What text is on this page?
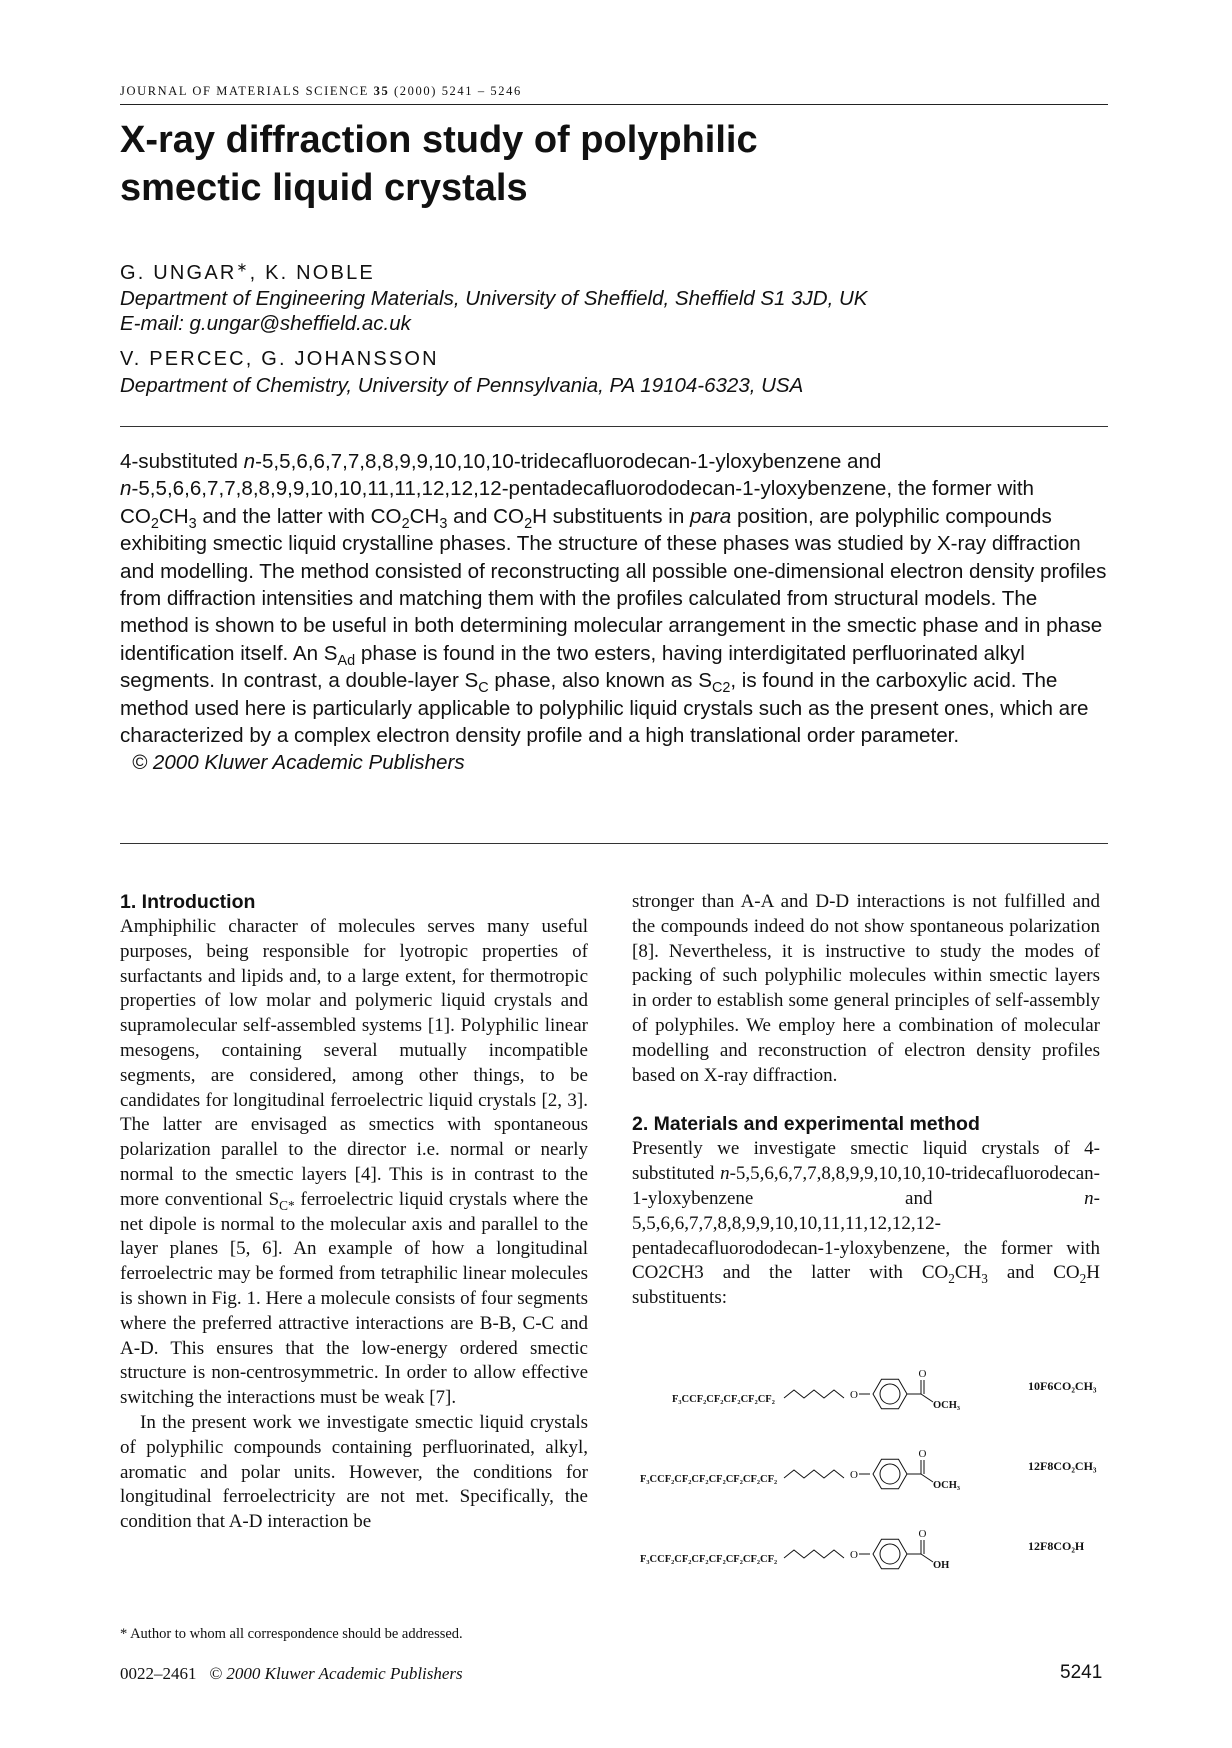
JOURNAL OF MATERIALS SCIENCE 35 (2000) 5241 – 5246
X-ray diffraction study of polyphilic
smectic liquid crystals
G. UNGAR∗, K. NOBLE
Department of Engineering Materials, University of Sheffield, Sheffield S1 3JD, UK
E-mail: g.ungar@sheffield.ac.uk
V. PERCEC, G. JOHANSSON
Department of Chemistry, University of Pennsylvania, PA 19104-6323, USA

4-substituted n-5,5,6,6,7,7,8,8,9,9,10,10,10-tridecafluorodecan-1-yloxybenzene and
n-5,5,6,6,7,7,8,8,9,9,10,10,11,11,12,12,12-pentadecafluorododecan-1-yloxybenzene, the former with $CO_2CH_3$ and the latter with $CO_2CH_3$ and $CO_2H$ substituents in para position, are polyphilic compounds exhibiting smectic liquid crystalline phases. The structure of these phases was studied by X-ray diffraction and modelling. The method consisted of reconstructing all possible one-dimensional electron density profiles from diffraction intensities and matching them with the profiles calculated from structural models. The method is shown to be useful in both determining molecular arrangement in the smectic phase and in phase identification itself. An $S_{Ad}$ phase is found in the two esters, having interdigitated perfluorinated alkyl segments. In contrast, a double-layer $S_C$ phase, also known as $S_{C2}$, is found in the carboxylic acid. The method used here is particularly applicable to polyphilic liquid crystals such as the present ones, which are characterized by a complex electron density profile and a high translational order parameter.

© 2000 Kluwer Academic Publishers

1. Introduction

Amphiphilic character of molecules serves many useful purposes, being responsible for lyotropic properties of surfactants and lipids and, to a large extent, for thermotropic properties of low molar and polymeric liquid crystals and supramolecular self-assembled systems [1]. Polyphilic linear mesogens, containing several mutually incompatible segments, are considered, among other things, to be candidates for longitudinal ferroelectric liquid crystals [2, 3]. The latter are envisaged as smectics with spontaneous polarization parallel to the director i.e. normal or nearly normal to the smectic layers [4]. This is in contrast to the more conventional $S_{C*}$ ferroelectric liquid crystals where the net dipole is normal to the molecular axis and parallel to the layer planes [5, 6]. An example of how a longitudinal ferroelectric may be formed from tetraphilic linear molecules is shown in Fig. 1. Here a molecule consists of four segments where the preferred attractive interactions are B-B, C-C and A-D. This ensures that the low-energy ordered smectic structure is non-centrosymmetric. In order to allow effective switching the interactions must be weak [7].

In the present work we investigate smectic liquid crystals of polyphilic compounds containing perfluorinated, alkyl, aromatic and polar units. However, the conditions for longitudinal ferroelectricity are not met. Specifically, the condition that A-D interaction be

stronger than A-A and D-D interactions is not fulfilled and the compounds indeed do not show spontaneous polarization [8]. Nevertheless, it is instructive to study the modes of packing of such polyphilic molecules within smectic layers in order to establish some general principles of self-assembly of polyphiles. We employ here a combination of molecular modelling and reconstruction of electron density profiles based on X-ray diffraction.

2. Materials and experimental method

Presently we investigate smectic liquid crystals of 4-substituted n-5,5,6,6,7,7,8,8,9,9,10,10,10-tridecafluorodecan-1-yloxybenzene and n-5,5,6,6,7,7,8,8,9,9,10,10,11,11,12,12,12-pentadecafluorododecan-1-yloxybenzene, the former with CO2CH3 and the latter with $CO_2CH_3$ and $CO_2H$ substituents:

F₃CCF₂CF₂CF₂CF₂CF₂	O
O
OCH₃
10F6CO₂CH₃
F₃CCF₂CF₂CF₂CF₂CF₂CF₂CF₂	O
O
OCH₃
12F8CO₂CH₃
F₃CCF₂CF₂CF₂CF₂CF₂CF₂CF₂	O
O
OH
12F8CO₂H
* Author to whom all correspondence should be addressed.
0022–2461 © 2000 Kluwer Academic Publishers	5241
